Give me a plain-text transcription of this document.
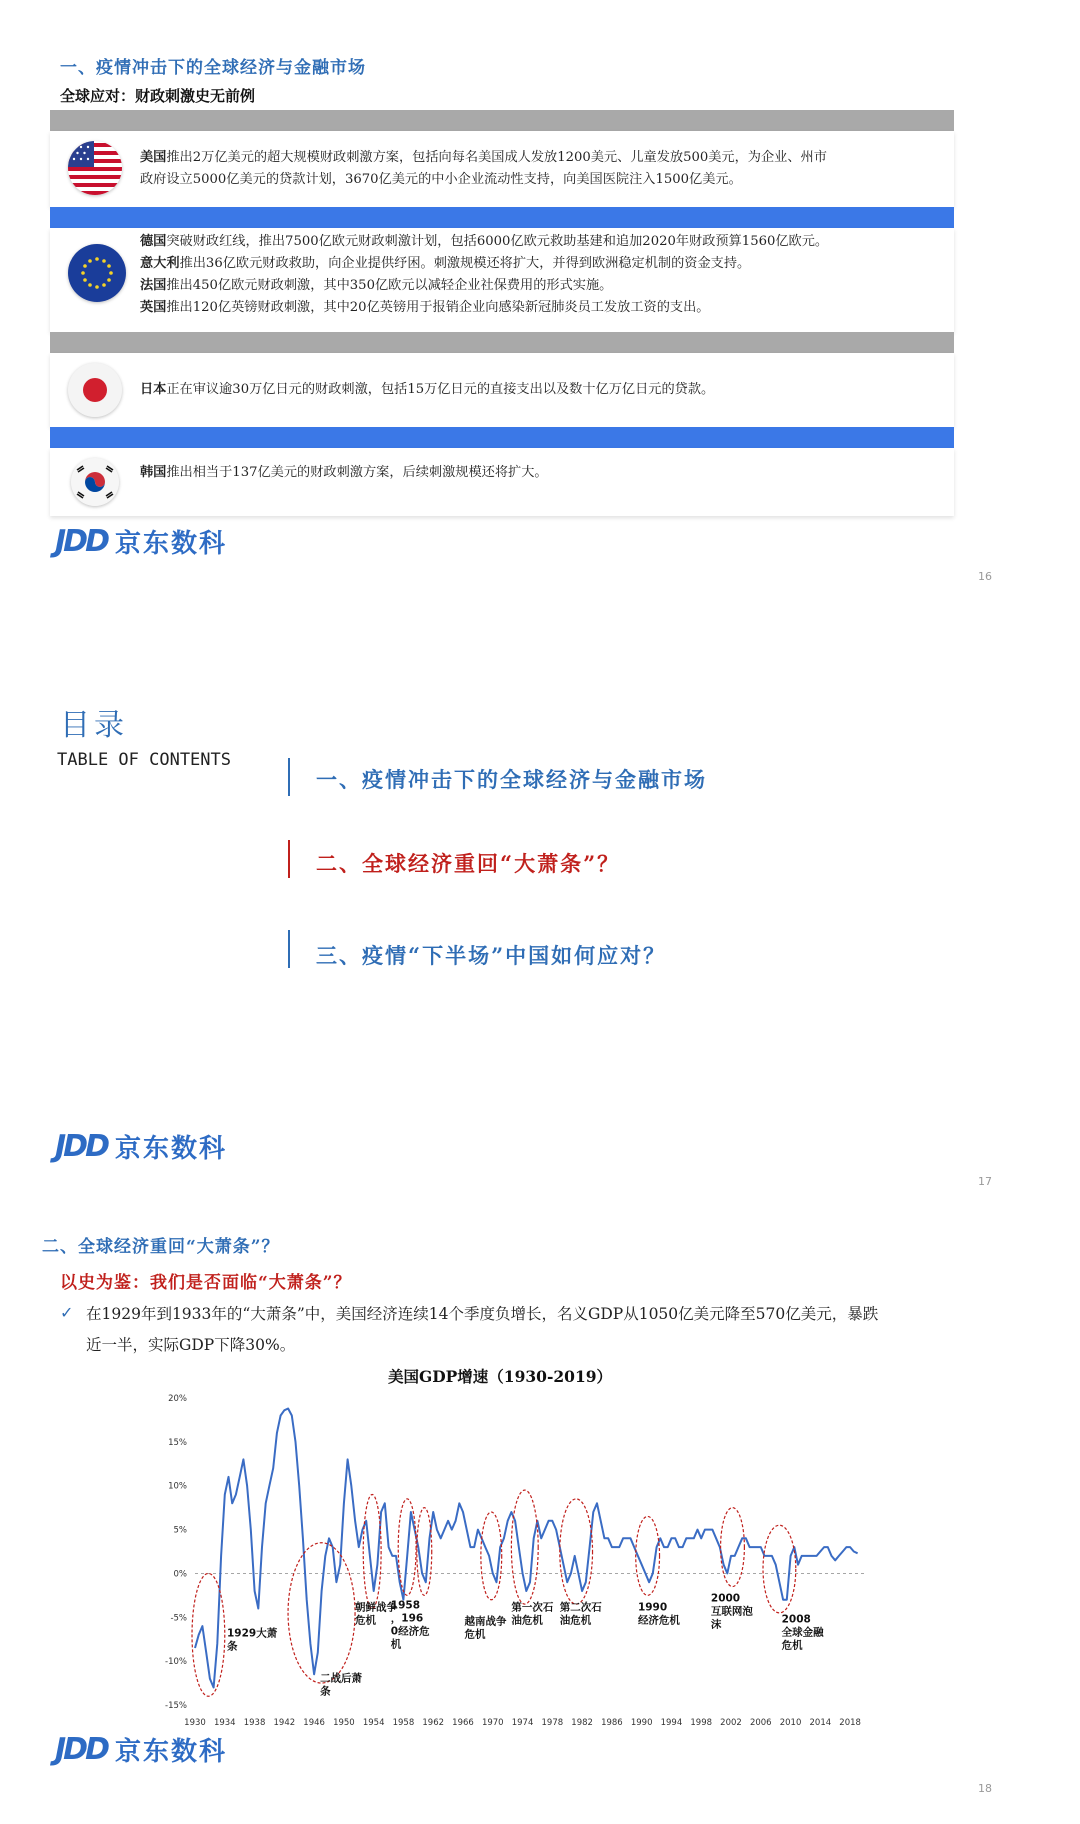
一、疫情冲击下的全球经济与金融市场
全球应对：财政刺激史无前例
美国推出2万亿美元的超大规模财政刺激方案，包括向每名美国成人发放1200美元、儿童发放500美元，为企业、州市
政府设立5000亿美元的贷款计划，3670亿美元的中小企业流动性支持，向美国医院注入1500亿美元。
德国突破财政红线，推出7500亿欧元财政刺激计划，包括6000亿欧元救助基建和追加2020年财政预算1560亿欧元。
意大利推出36亿欧元财政救助，向企业提供纾困。刺激规模还将扩大，并得到欧洲稳定机制的资金支持。
法国推出450亿欧元财政刺激，其中350亿欧元以减轻企业社保费用的形式实施。
英国推出120亿英镑财政刺激，其中20亿英镑用于报销企业向感染新冠肺炎员工发放工资的支出。
日本正在审议逾30万亿日元的财政刺激，包括15万亿日元的直接支出以及数十亿万亿日元的贷款。
韩国推出相当于137亿美元的财政刺激方案，后续刺激规模还将扩大。
JDD 京东数科
16
目录
TABLE OF CONTENTS
一、疫情冲击下的全球经济与金融市场
二、全球经济重回“大萧条”？
三、疫情“下半场”中国如何应对？
JDD 京东数科
17
二、全球经济重回“大萧条”？
以史为鉴：我们是否面临“大萧条”？
✓ 在1929年到1933年的“大萧条”中，美国经济连续14个季度负增长，名义GDP从1050亿美元降至570亿美元，暴跌
近一半，实际GDP下降30%。
美国GDP增速（1930-2019）
20%
15%
10%
5%
0%
-5%
-10%
-15%
1930 1934 1938 1942 1946 1950 1954 1958 1962 1966 1970 1974 1978 1982 1986 1990 1994 1998 2002 2006 2010 2014 2018
1929大萧条
二战后萧条
朝鲜战争危机
1958 ，196 0经济危机
越南战争危机
第一次石油危机
第二次石油危机
1990 经济危机
2000 互联网泡沫	2008 全球金融危机
JDD 京东数科
18
